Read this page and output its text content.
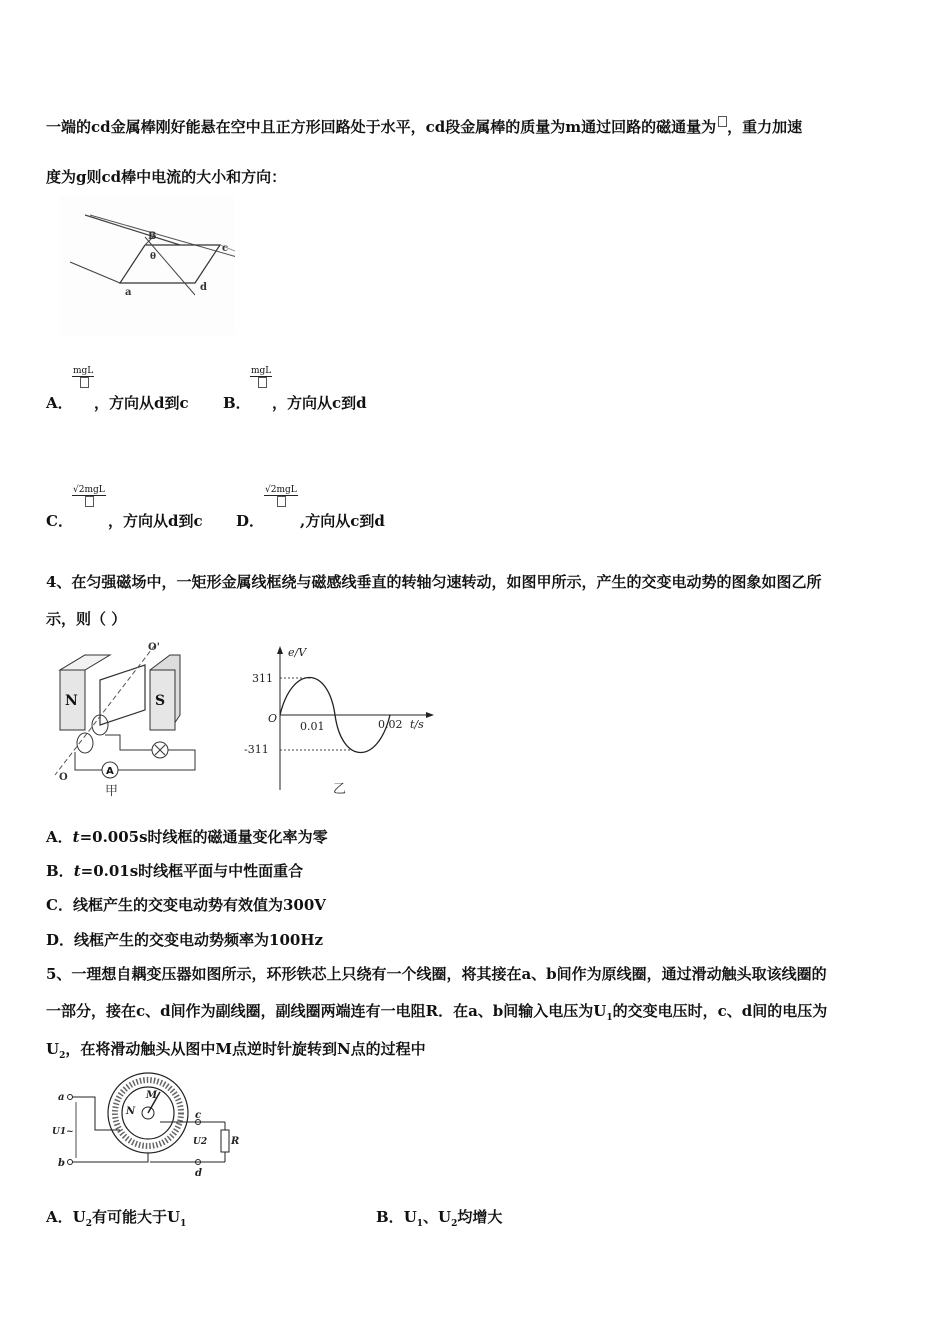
一端的cd金属棒刚好能悬在空中且正方形回路处于水平，cd段金属棒的质量为m通过回路的磁通量为 ，重力加速
度为g则cd棒中电流的大小和方向：
B
c
d
a
θ
A．
mgL
，方向从d到c B．
mgL
，方向从c到d
C．
√2mgL
，方向从d到c D．
√2mgL
,方向从c到d
4、在匀强磁场中，一矩形金属线框绕与磁感线垂直的转轴匀速转动，如图甲所示，产生的交变电动势的图象如图乙所
示，则（ ）
N	S
O'
O
A
甲
e/V
t/s
O
311
-311
0.01	0.02
乙
A．t=0.005s时线框的磁通量变化率为零
B．t=0.01s时线框平面与中性面重合
C．线框产生的交变电动势有效值为300V
D．线框产生的交变电动势频率为100Hz
5、一理想自耦变压器如图所示，环形铁芯上只绕有一个线圈，将其接在a、b间作为原线圈，通过滑动触头取该线圈的
一部分，接在c、d间作为副线圈，副线圈两端连有一电阻R．在a、b间输入电压为$U_1$的交变电压时，c、d间的电压为
$U_2$，在将滑动触头从图中M点逆时针旋转到N点的过程中
M
N
a
b
U1~
c
d
U2 R
A．$U_2$有可能大于$U_1$	B．$U_1$、$U_2$均增大
